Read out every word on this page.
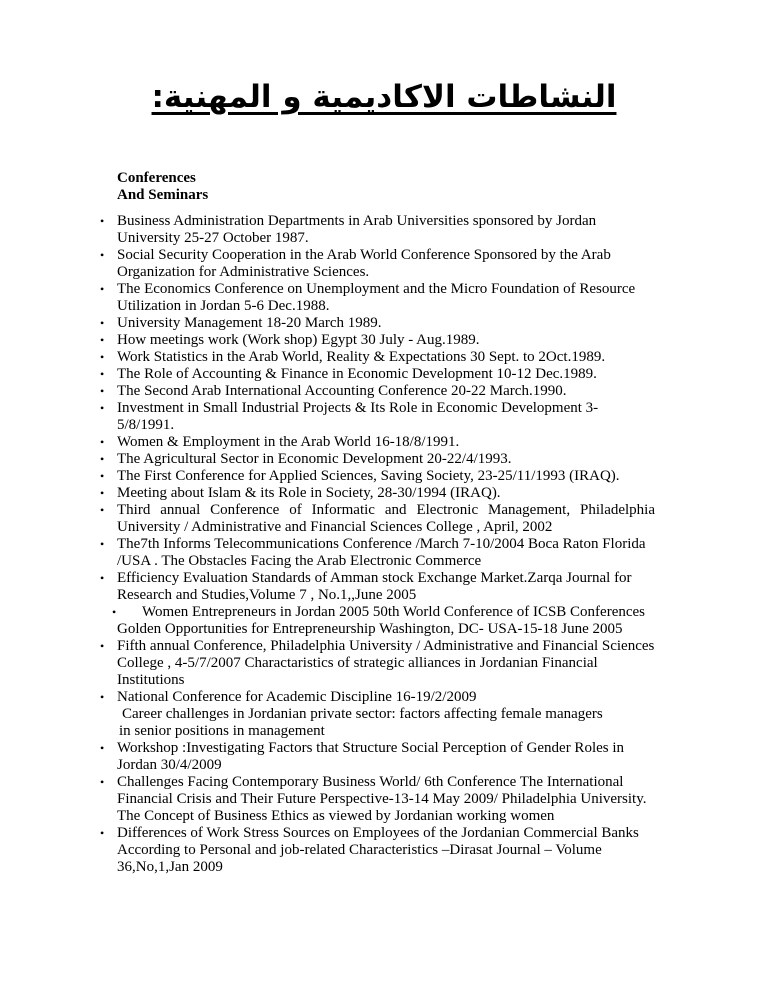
النشاطات الاكاديمية و المهنية:
Conferences
And Seminars
• Business Administration Departments in Arab Universities sponsored by Jordan University 25-27 October 1987.
• Social Security Cooperation in the Arab World Conference Sponsored by the Arab Organization for Administrative Sciences.
• The Economics Conference on Unemployment and the Micro Foundation of Resource Utilization in Jordan 5-6 Dec.1988.
• University Management 18-20 March 1989.
• How meetings work (Work shop) Egypt 30 July - Aug.1989.
• Work Statistics in the Arab World, Reality & Expectations 30 Sept. to 2Oct.1989.
• The Role of Accounting & Finance in Economic Development 10-12 Dec.1989.
• The Second Arab International Accounting Conference 20-22 March.1990.
• Investment in Small Industrial Projects & Its Role in Economic Development 3-5/8/1991.
• Women & Employment in the Arab World 16-18/8/1991.
• The Agricultural Sector in Economic Development 20-22/4/1993.
• The First Conference for Applied Sciences, Saving Society, 23-25/11/1993 (IRAQ).
• Meeting about Islam & its Role in Society, 28-30/1994 (IRAQ).
• Third annual Conference of Informatic and Electronic Management, Philadelphia University / Administrative and Financial Sciences College , April, 2002
• The7th Informs Telecommunications Conference /March 7-10/2004 Boca Raton Florida /USA . The Obstacles Facing the Arab Electronic Commerce
• Efficiency Evaluation Standards of Amman stock Exchange Market.Zarqa Journal for Research and Studies,Volume 7 , No.1,,June 2005
• Women Entrepreneurs in Jordan 2005 50th World Conference of ICSB Conferences Golden Opportunities for Entrepreneurship Washington, DC- USA-15-18 June 2005
• Fifth annual Conference, Philadelphia University / Administrative and Financial Sciences College , 4-5/7/2007 Charactaristics of strategic alliances in Jordanian Financial Institutions
• National Conference for Academic Discipline 16-19/2/2009
Career challenges in Jordanian private sector: factors affecting female managers
in senior positions in management
• Workshop :Investigating Factors that Structure Social Perception of Gender Roles in Jordan 30/4/2009
• Challenges Facing Contemporary Business World/ 6th Conference The International Financial Crisis and Their Future Perspective-13-14 May 2009/ Philadelphia University. The Concept of Business Ethics as viewed by Jordanian working women
• Differences of Work Stress Sources on Employees of the Jordanian Commercial Banks According to Personal and job-related Characteristics –Dirasat Journal – Volume 36,No,1,Jan 2009
